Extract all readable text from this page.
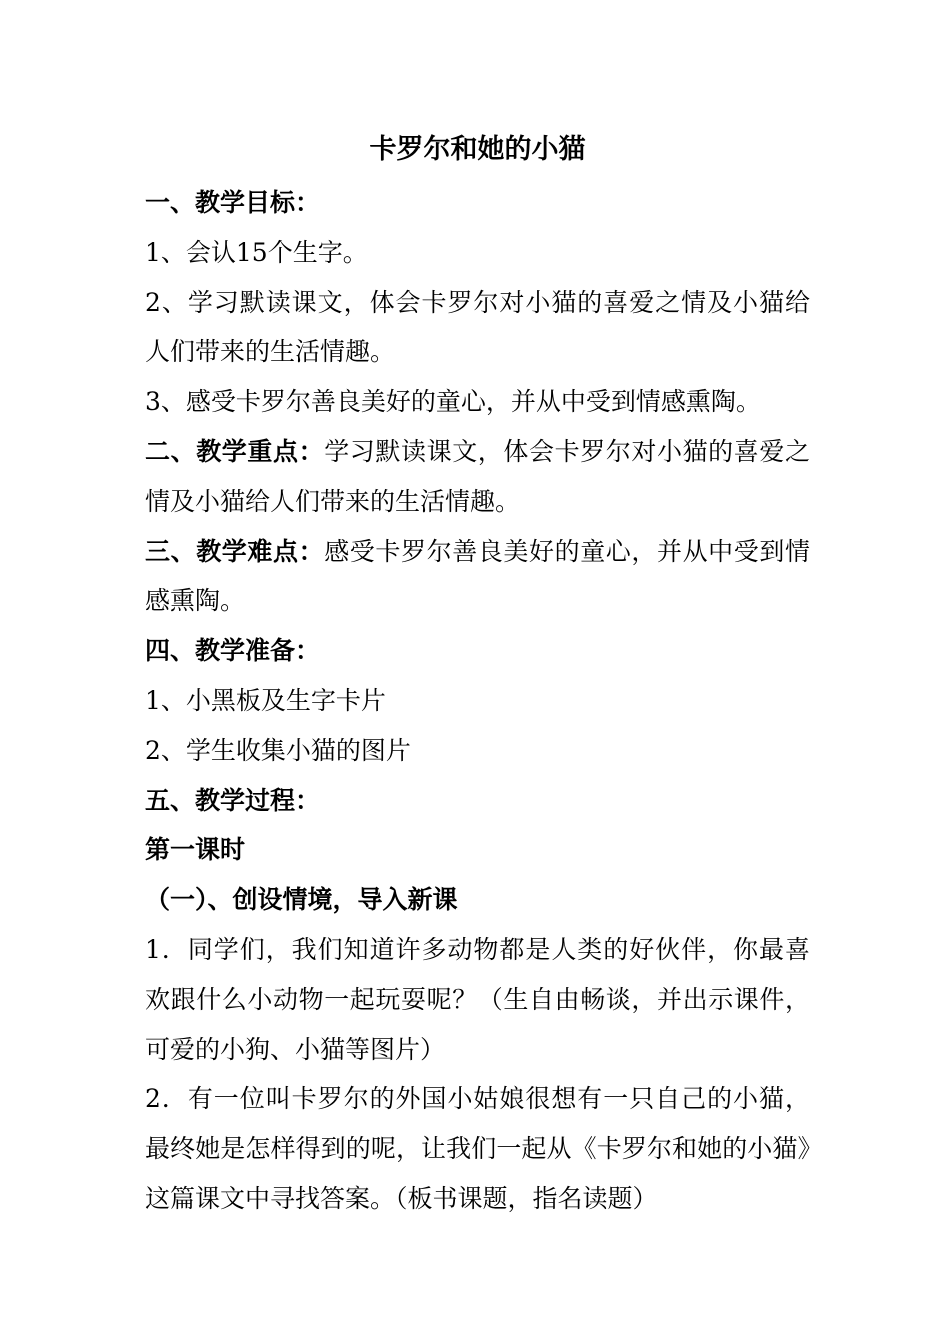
卡罗尔和她的小猫

一、教学目标：

1、会认15个生字。

2、学习默读课文，体会卡罗尔对小猫的喜爱之情及小猫给人们带来的生活情趣。

3、感受卡罗尔善良美好的童心，并从中受到情感熏陶。

二、教学重点：学习默读课文，体会卡罗尔对小猫的喜爱之情及小猫给人们带来的生活情趣。

三、教学难点：感受卡罗尔善良美好的童心，并从中受到情感熏陶。

四、教学准备：

1、小黑板及生字卡片

2、学生收集小猫的图片

五、教学过程：

第一课时

（一）、创设情境，导入新课

1．同学们，我们知道许多动物都是人类的好伙伴，你最喜欢跟什么小动物一起玩耍呢？（生自由畅谈，并出示课件，可爱的小狗、小猫等图片）

2．有一位叫卡罗尔的外国小姑娘很想有一只自己的小猫，最终她是怎样得到的呢，让我们一起从《卡罗尔和她的小猫》这篇课文中寻找答案。（板书课题，指名读题）
